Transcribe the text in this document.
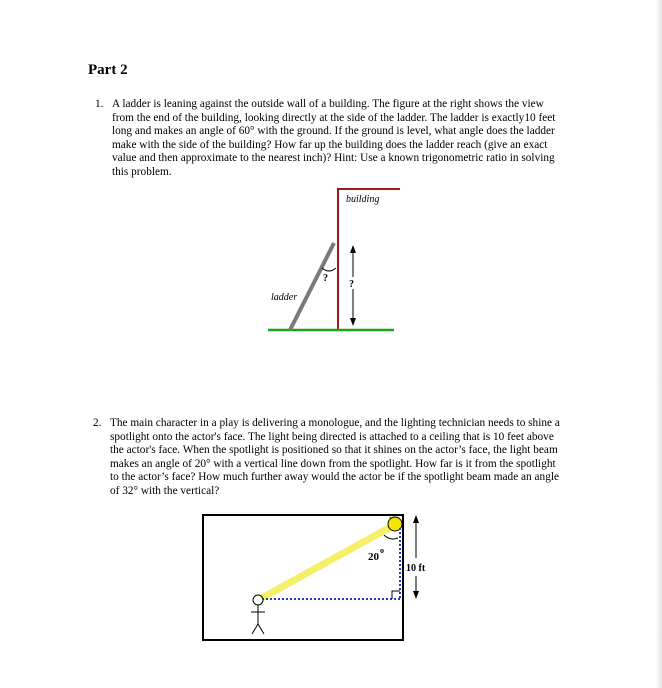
Part 2
1. A ladder is leaning against the outside wall of a building. The figure at the right shows the view from the end of the building, looking directly at the side of the ladder. The ladder is exactly10 feet long and makes an angle of 60° with the ground. If the ground is level, what angle does the ladder make with the side of the building? How far up the building does the ladder reach (give an exact value and then approximate to the nearest inch)? Hint: Use a known trigonometric ratio in solving this problem.
building
ladder
?
?
2. The main character in a play is delivering a monologue, and the lighting technician needs to shine a spotlight onto the actor's face. The light being directed is attached to a ceiling that is 10 feet above the actor's face. When the spotlight is positioned so that it shines on the actor’s face, the light beam makes an angle of 20° with a vertical line down from the spotlight. How far is it from the spotlight to the actor’s face? How much further away would the actor be if the spotlight beam made an angle of 32° with the vertical?
20
o
10 ft
